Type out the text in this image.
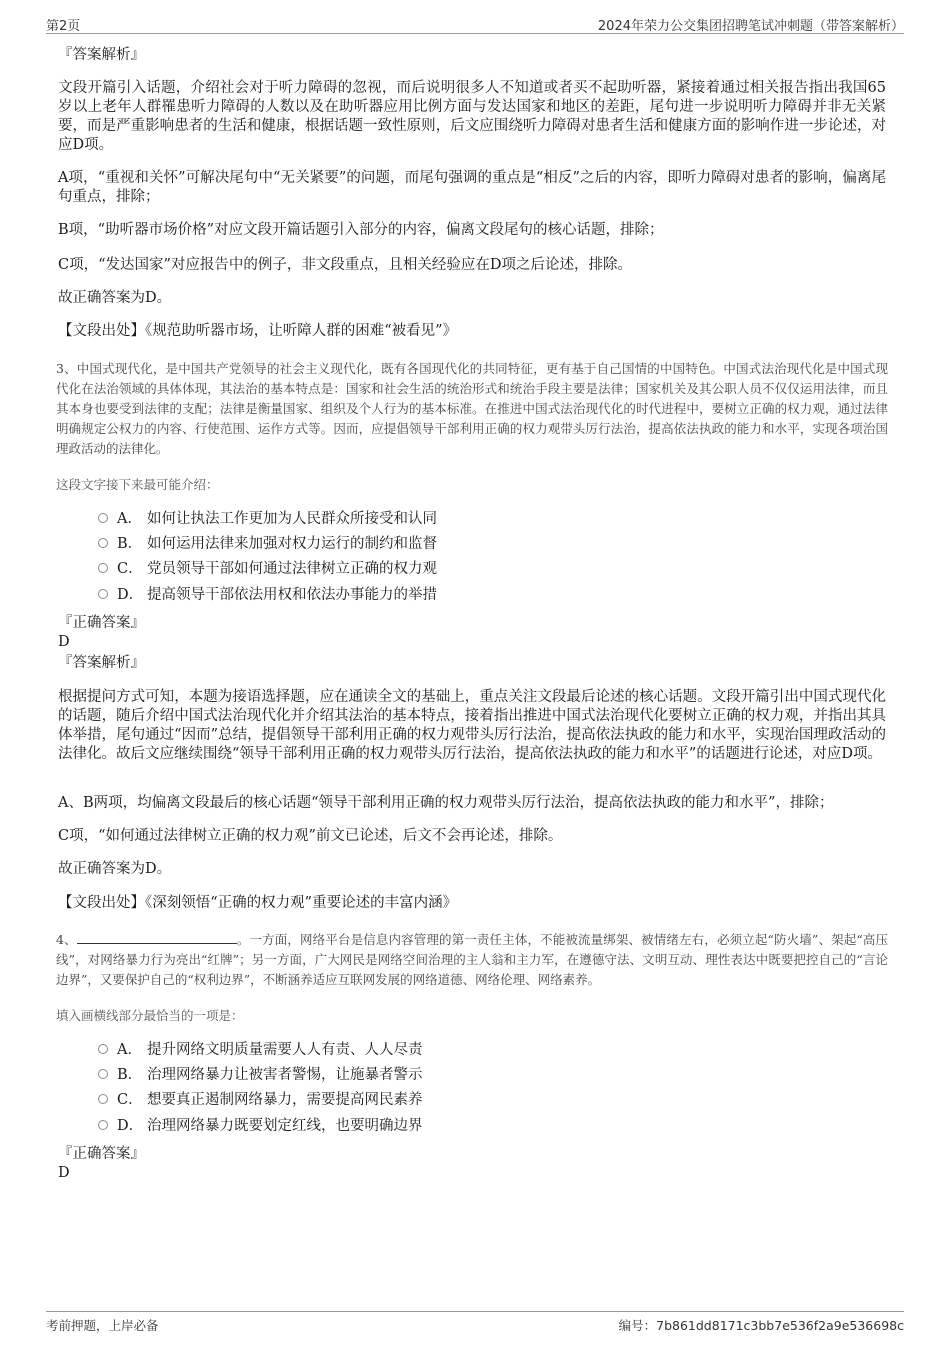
第2页	2024年荣力公交集团招聘笔试冲刺题（带答案解析）
『答案解析』
文段开篇引入话题，介绍社会对于听力障碍的忽视，而后说明很多人不知道或者买不起助听器，紧接着通过相关报告指出我国65岁以上老年人群罹患听力障碍的人数以及在助听器应用比例方面与发达国家和地区的差距，尾句进一步说明听力障碍并非无关紧要，而是严重影响患者的生活和健康，根据话题一致性原则，后文应围绕听力障碍对患者生活和健康方面的影响作进一步论述，对应D项。
A项，“重视和关怀”可解决尾句中“无关紧要”的问题，而尾句强调的重点是“相反”之后的内容，即听力障碍对患者的影响，偏离尾句重点，排除；
B项，“助听器市场价格”对应文段开篇话题引入部分的内容，偏离文段尾句的核心话题，排除；
C项，“发达国家”对应报告中的例子，非文段重点，且相关经验应在D项之后论述，排除。
故正确答案为D。
【文段出处】《规范助听器市场，让听障人群的困难“被看见”》
3、中国式现代化，是中国共产党领导的社会主义现代化，既有各国现代化的共同特征，更有基于自己国情的中国特色。中国式法治现代化是中国式现代化在法治领域的具体体现，其法治的基本特点是：国家和社会生活的统治形式和统治手段主要是法律；国家机关及其公职人员不仅仅运用法律，而且其本身也要受到法律的支配；法律是衡量国家、组织及个人行为的基本标准。在推进中国式法治现代化的时代进程中，要树立正确的权力观，通过法律明确规定公权力的内容、行使范围、运作方式等。因而，应提倡领导干部利用正确的权力观带头厉行法治，提高依法执政的能力和水平，实现各项治国理政活动的法律化。
这段文字接下来最可能介绍：
A． 如何让执法工作更加为人民群众所接受和认同
B． 如何运用法律来加强对权力运行的制约和监督
C． 党员领导干部如何通过法律树立正确的权力观
D． 提高领导干部依法用权和依法办事能力的举措
『正确答案』
D
『答案解析』
根据提问方式可知，本题为接语选择题，应在通读全文的基础上，重点关注文段最后论述的核心话题。文段开篇引出中国式现代化的话题，随后介绍中国式法治现代化并介绍其法治的基本特点，接着指出推进中国式法治现代化要树立正确的权力观，并指出其具体举措，尾句通过“因而”总结，提倡领导干部利用正确的权力观带头厉行法治，提高依法执政的能力和水平，实现治国理政活动的法律化。故后文应继续围绕“领导干部利用正确的权力观带头厉行法治，提高依法执政的能力和水平”的话题进行论述，对应D项。
A、B两项，均偏离文段最后的核心话题“领导干部利用正确的权力观带头厉行法治，提高依法执政的能力和水平”，排除；
C项，“如何通过法律树立正确的权力观”前文已论述，后文不会再论述，排除。
故正确答案为D。
【文段出处】《深刻领悟“正确的权力观”重要论述的丰富内涵》
4、	。一方面，网络平台是信息内容管理的第一责任主体，不能被流量绑架、被情绪左右，必须立起“防火墙”、架起“高压线”，对网络暴力行为亮出“红牌”；另一方面，广大网民是网络空间治理的主人翁和主力军，在遵德守法、文明互动、理性表达中既要把控自己的“言论边界”，又要保护自己的“权利边界”，不断涵养适应互联网发展的网络道德、网络伦理、网络素养。
填入画横线部分最恰当的一项是：
A． 提升网络文明质量需要人人有责、人人尽责
B． 治理网络暴力让被害者警惕，让施暴者警示
C． 想要真正遏制网络暴力，需要提高网民素养
D． 治理网络暴力既要划定红线，也要明确边界
『正确答案』
D
考前押题，上岸必备	编号：7b861dd8171c3bb7e536f2a9e536698c
